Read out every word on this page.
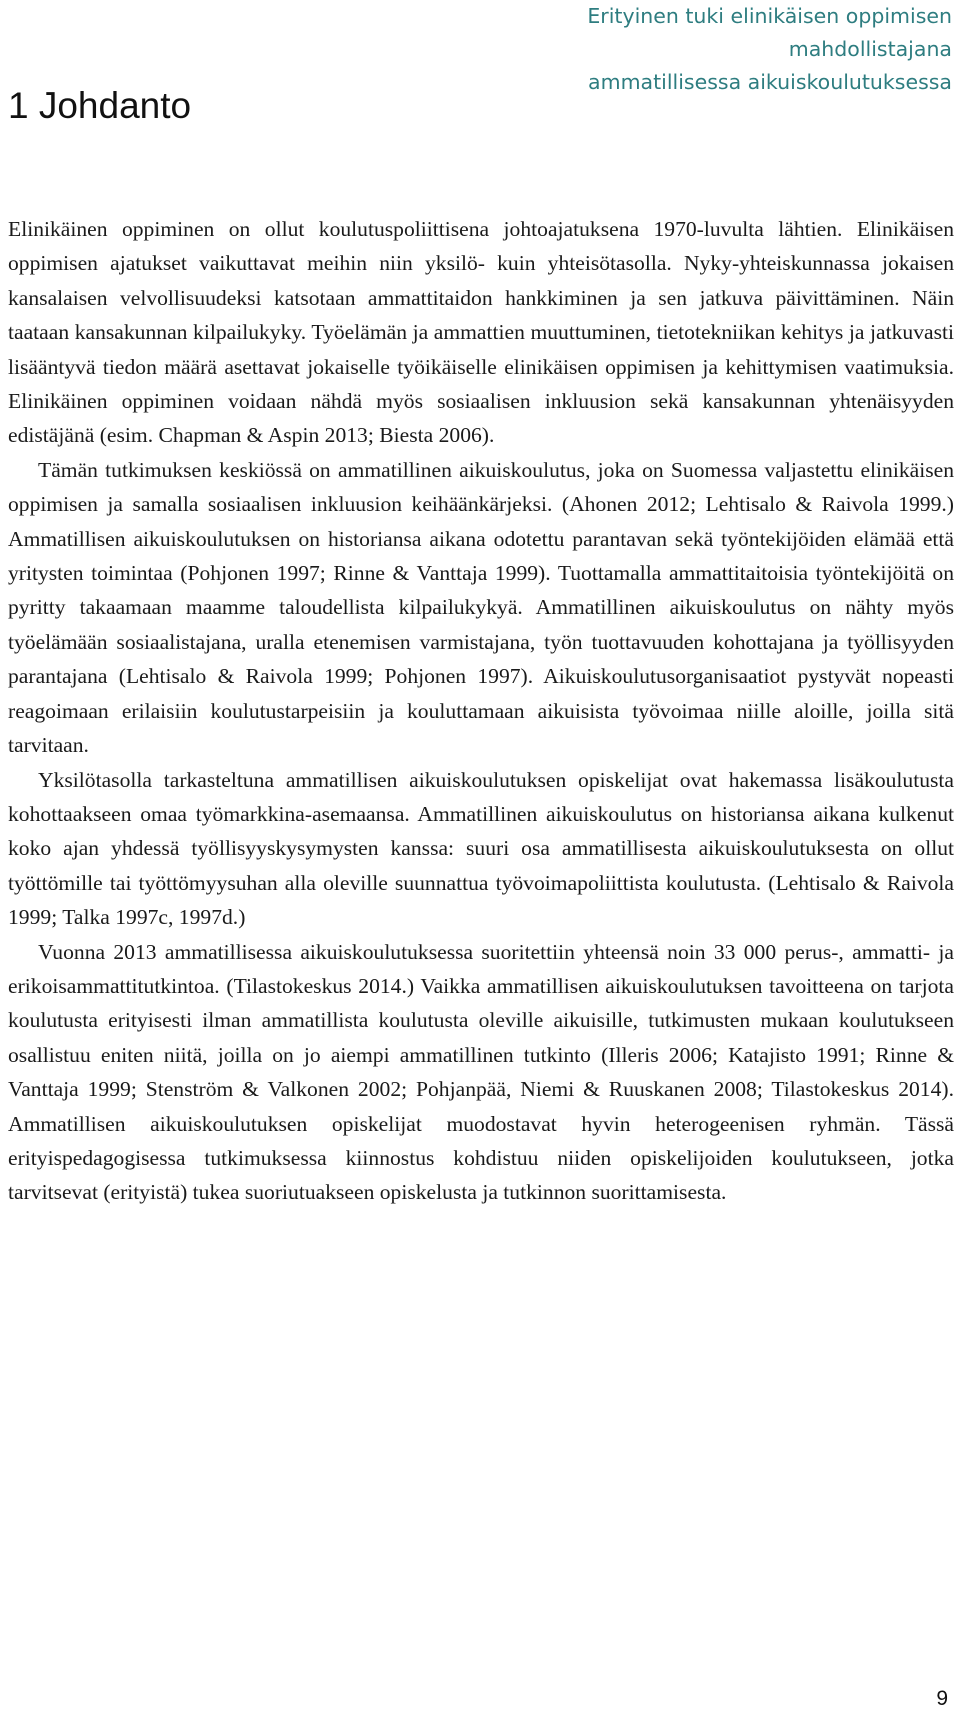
Erityinen tuki elinikäisen oppimisen mahdollistajana
ammatillisessa aikuiskoulutuksessa
1 Johdanto

Elinikäinen oppiminen on ollut koulutuspoliittisena johtoajatuksena 1970-luvulta lähtien. Elinikäisen oppimisen ajatukset vaikuttavat meihin niin yksilö- kuin yhteisötasolla. Nyky-yhteiskunnassa jokaisen kansalaisen velvollisuudeksi katsotaan ammattitaidon hankkiminen ja sen jatkuva päivittäminen. Näin taataan kansakunnan kilpailukyky. Työelämän ja ammattien muuttuminen, tietotekniikan kehitys ja jatkuvasti lisääntyvä tiedon määrä asettavat jokaiselle työikäiselle elinikäisen oppimisen ja kehittymisen vaatimuksia. Elinikäinen oppiminen voidaan nähdä myös sosiaalisen inkluusion sekä kansakunnan yhtenäisyyden edistäjänä (esim. Chapman & Aspin 2013; Biesta 2006).

Tämän tutkimuksen keskiössä on ammatillinen aikuiskoulutus, joka on Suomessa valjastettu elinikäisen oppimisen ja samalla sosiaalisen inkluusion keihäänkärjeksi. (Ahonen 2012; Lehtisalo & Raivola 1999.) Ammatillisen aikuiskoulutuksen on historiansa aikana odotettu parantavan sekä työntekijöiden elämää että yritysten toimintaa (Pohjonen 1997; Rinne & Vanttaja 1999). Tuottamalla ammattitaitoisia työntekijöitä on pyritty takaamaan maamme taloudellista kilpailukykyä. Ammatillinen aikuiskoulutus on nähty myös työelämään sosiaalistajana, uralla etenemisen varmistajana, työn tuottavuuden kohottajana ja työllisyyden parantajana (Lehtisalo & Raivola 1999; Pohjonen 1997). Aikuiskoulutusorganisaatiot pystyvät nopeasti reagoimaan erilaisiin koulutustarpeisiin ja kouluttamaan aikuisista työvoimaa niille aloille, joilla sitä tarvitaan.

Yksilötasolla tarkasteltuna ammatillisen aikuiskoulutuksen opiskelijat ovat hakemassa lisäkoulutusta kohottaakseen omaa työmarkkina-asemaansa. Ammatillinen aikuiskoulutus on historiansa aikana kulkenut koko ajan yhdessä työllisyyskysymysten kanssa: suuri osa ammatillisesta aikuiskoulutuksesta on ollut työttömille tai työttömyysuhan alla oleville suunnattua työvoimapoliittista koulutusta. (Lehtisalo & Raivola 1999; Talka 1997c, 1997d.)

Vuonna 2013 ammatillisessa aikuiskoulutuksessa suoritettiin yhteensä noin 33 000 perus-, ammatti- ja erikoisammattitutkintoa. (Tilastokeskus 2014.) Vaikka ammatillisen aikuiskoulutuksen tavoitteena on tarjota koulutusta erityisesti ilman ammatillista koulutusta oleville aikuisille, tutkimusten mukaan koulutukseen osallistuu eniten niitä, joilla on jo aiempi ammatillinen tutkinto (Illeris 2006; Katajisto 1991; Rinne & Vanttaja 1999; Stenström & Valkonen 2002; Pohjanpää, Niemi & Ruuskanen 2008; Tilastokeskus 2014). Ammatillisen aikuiskoulutuksen opiskelijat muodostavat hyvin heterogeenisen ryhmän. Tässä erityispedagogisessa tutkimuksessa kiinnostus kohdistuu niiden opiskelijoiden koulutukseen, jotka tarvitsevat (erityistä) tukea suoriutuakseen opiskelusta ja tutkinnon suorittamisesta.

9
